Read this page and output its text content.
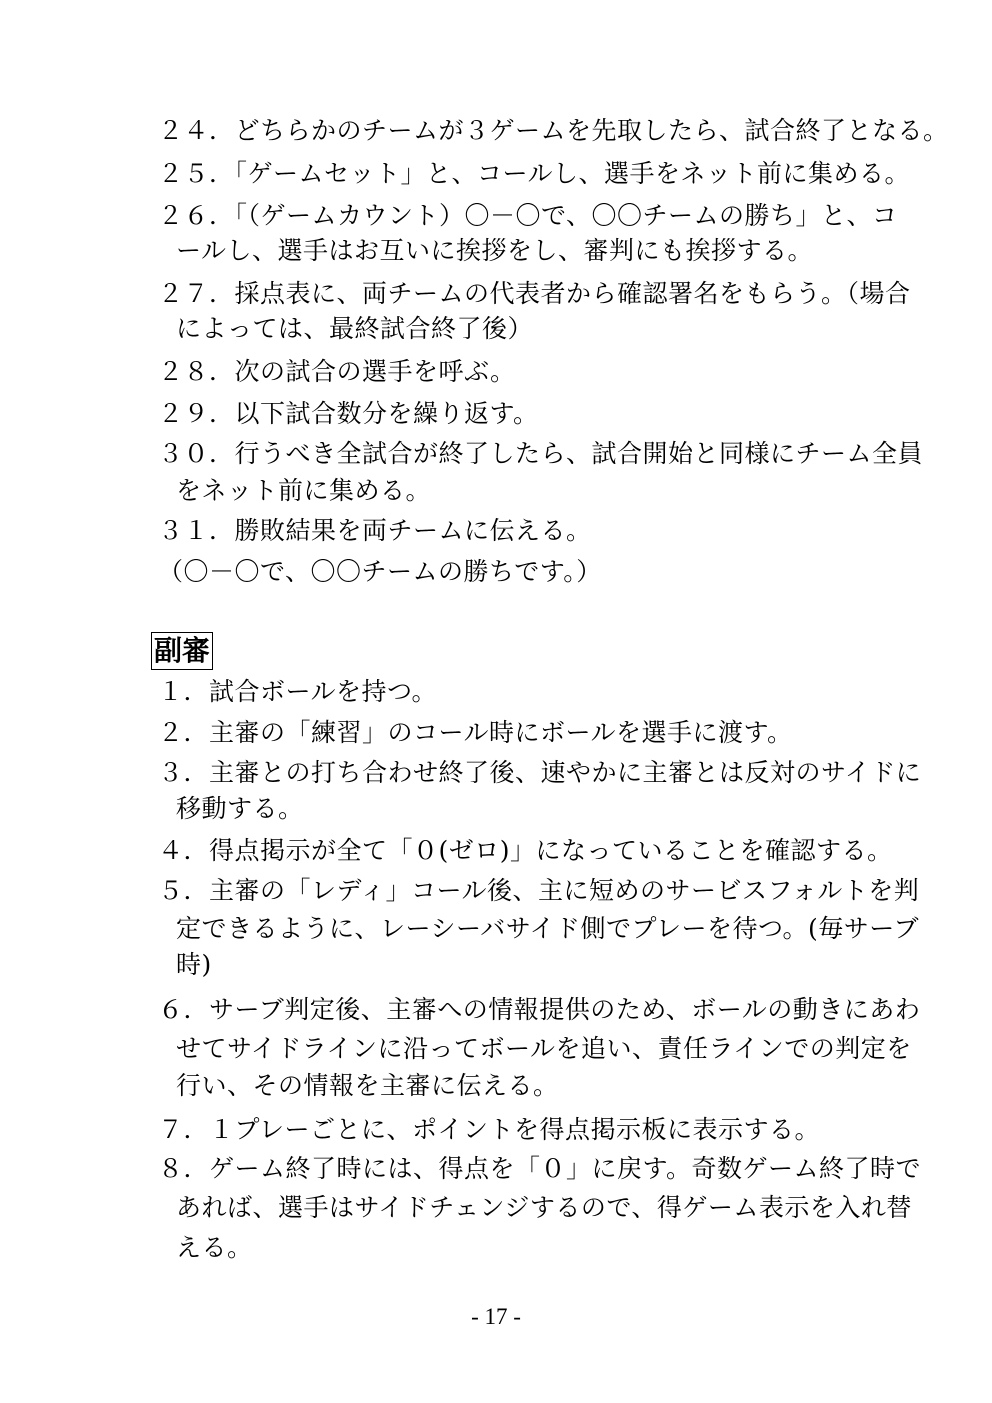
２４．どちらかのチームが３ゲームを先取したら、試合終了となる。
２５．「ゲームセット」と、コールし、選手をネット前に集める。
２６．「（ゲームカウント）〇－〇で、〇〇チームの勝ち」と、コ
ールし、選手はお互いに挨拶をし、審判にも挨拶する。
２７．採点表に、両チームの代表者から確認署名をもらう。（場合
によっては、最終試合終了後）
２８．次の試合の選手を呼ぶ。
２９．以下試合数分を繰り返す。
３０．行うべき全試合が終了したら、試合開始と同様にチーム全員
をネット前に集める。
３１．勝敗結果を両チームに伝える。
（〇－〇で、〇〇チームの勝ちです。）
副審
１．試合ボールを持つ。
２．主審の「練習」のコール時にボールを選手に渡す。
３．主審との打ち合わせ終了後、速やかに主審とは反対のサイドに
移動する。
４．得点掲示が全て「０(ゼロ)」になっていることを確認する。
５．主審の「レディ」コール後、主に短めのサービスフォルトを判
定できるように、レーシーバサイド側でプレーを待つ。(毎サーブ
時)
６．サーブ判定後、主審への情報提供のため、ボールの動きにあわ
せてサイドラインに沿ってボールを追い、責任ラインでの判定を
行い、その情報を主審に伝える。
７．１プレーごとに、ポイントを得点掲示板に表示する。
８．ゲーム終了時には、得点を「０」に戻す。奇数ゲーム終了時で
あれば、選手はサイドチェンジするので、得ゲーム表示を入れ替
える。
- 17 -
